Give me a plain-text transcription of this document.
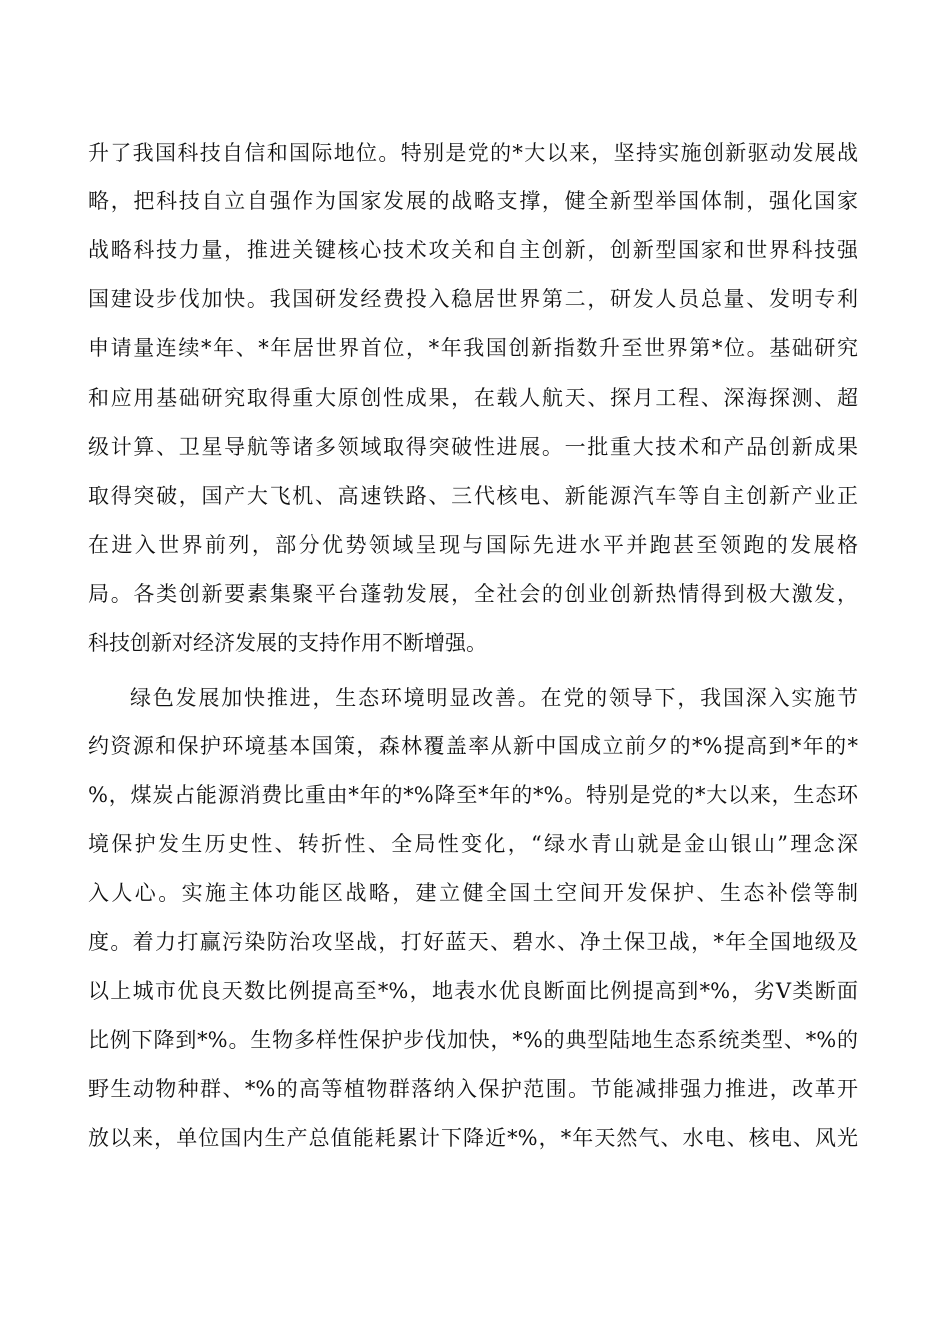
升了我国科技自信和国际地位。特别是党的*大以来，坚持实施创新驱动发展战
略，把科技自立自强作为国家发展的战略支撑，健全新型举国体制，强化国家
战略科技力量，推进关键核心技术攻关和自主创新，创新型国家和世界科技强
国建设步伐加快。我国研发经费投入稳居世界第二，研发人员总量、发明专利
申请量连续*年、*年居世界首位，*年我国创新指数升至世界第*位。基础研究
和应用基础研究取得重大原创性成果，在载人航天、探月工程、深海探测、超
级计算、卫星导航等诸多领域取得突破性进展。一批重大技术和产品创新成果
取得突破，国产大飞机、高速铁路、三代核电、新能源汽车等自主创新产业正
在进入世界前列，部分优势领域呈现与国际先进水平并跑甚至领跑的发展格
局。各类创新要素集聚平台蓬勃发展，全社会的创业创新热情得到极大激发，
科技创新对经济发展的支持作用不断增强。
绿色发展加快推进，生态环境明显改善。在党的领导下，我国深入实施节
约资源和保护环境基本国策，森林覆盖率从新中国成立前夕的*%提高到*年的*
%，煤炭占能源消费比重由*年的*%降至*年的*%。特别是党的*大以来，生态环
境保护发生历史性、转折性、全局性变化，“绿水青山就是金山银山”理念深
入人心。实施主体功能区战略，建立健全国土空间开发保护、生态补偿等制
度。着力打赢污染防治攻坚战，打好蓝天、碧水、净土保卫战，*年全国地级及
以上城市优良天数比例提高至*%，地表水优良断面比例提高到*%，劣Ⅴ类断面
比例下降到*%。生物多样性保护步伐加快，*%的典型陆地生态系统类型、*%的
野生动物种群、*%的高等植物群落纳入保护范围。节能减排强力推进，改革开
放以来，单位国内生产总值能耗累计下降近*%，*年天然气、水电、核电、风光
